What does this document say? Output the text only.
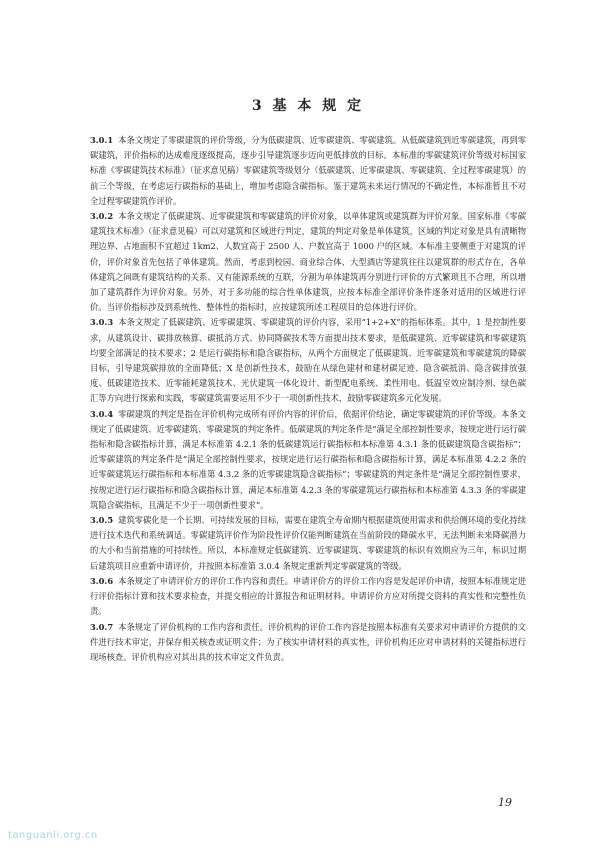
3 基 本 规 定

3.0.1 本条文规定了零碳建筑的评价等级，分为低碳建筑、近零碳建筑、零碳建筑。从低碳建筑到近零碳建筑，再到零碳建筑，评价指标的达成难度逐级提高，逐步引导建筑逐步迈向更低排放的目标。本标准的零碳建筑评价等级对标国家标准《零碳建筑技术标准》（征求意见稿）零碳建筑等级划分（低碳建筑、近零碳建筑、零碳建筑、全过程零碳建筑）的前三个等级，在考虑运行碳指标的基础上，增加考虑隐含碳指标。鉴于建筑未来运行情况的不确定性，本标准暂且不对全过程零碳建筑作评价。

3.0.2 本条文规定了低碳建筑、近零碳建筑和零碳建筑的评价对象，以单体建筑或建筑群为评价对象。国家标准《零碳建筑技术标准》（征求意见稿）可以对建筑和区域进行判定，建筑的判定对象是单体建筑，区域的判定对象是具有清晰物理边界、占地面积不宜超过 1km2、人数宜高于 2500 人、户数宜高于 1000 户的区域。本标准主要侧重于对建筑的评价，评价对象首先包括了单体建筑。然而，考虑到校园、商业综合体、大型酒店等建筑往往以建筑群的形式存在，各单体建筑之间既有建筑结构的关系、又有能源系统的互联，分割为单体建筑再分别进行评价的方式繁琐且不合理，所以增加了建筑群作为评价对象。另外，对于多功能的综合性单体建筑，应按本标准全部评价条件逐条对适用的区域进行评价。当评价指标涉及到系统性、整体性的指标时，应按建筑所述工程项目的总体进行评价。

3.0.3 本条文规定了低碳建筑、近零碳建筑、零碳建筑的评价内容，采用“1+2+X”的指标体系。其中，1 是控制性要求，从建筑设计、碳排放核算、碳抵消方式、协同降碳技术等方面提出技术要求，是低碳建筑、近零碳建筑和零碳建筑均要全部满足的技术要求；2 是运行碳指标和隐含碳指标，从两个方面规定了低碳建筑、近零碳建筑和零碳建筑的降碳目标，引导建筑碳排放的全面降低；X 是创新性技术，鼓励在从绿色建材和建材碳足迹、隐含碳抵消、隐含碳排放强度、低碳建造技术、近零能耗建筑技术、光伏建筑一体化设计、新型配电系统、柔性用电、低温室效应制冷剂、绿色碳汇等方向进行探索和实践，零碳建筑需要运用不少于一项创新性技术，鼓励零碳建筑多元化发展。

3.0.4 零碳建筑的判定是指在评价机构完成所有评价内容的评价后，依据评价结论，确定零碳建筑的评价等级。本条文规定了低碳建筑、近零碳建筑、零碳建筑的判定条件。低碳建筑的判定条件是“满足全部控制性要求，按规定进行运行碳指标和隐含碳指标计算，满足本标准第 4.2.1 条的低碳建筑运行碳指标和本标准第 4.3.1 条的低碳建筑隐含碳指标”；近零碳建筑的判定条件是“满足全部控制性要求，按规定进行运行碳指标和隐含碳指标计算，满足本标准第 4.2.2 条的近零碳建筑运行碳指标和本标准第 4.3.2 条的近零碳建筑隐含碳指标”；零碳建筑的判定条件是“满足全部控制性要求，按规定进行运行碳指标和隐含碳指标计算，满足本标准第 4.2.3 条的零碳建筑运行碳指标和本标准第 4.3.3 条的零碳建筑隐含碳指标，且满足不少于一项创新性要求”。

3.0.5 建筑零碳化是一个长期、可持续发展的目标，需要在建筑全寿命期内根据建筑使用需求和供给侧环境的变化持续进行技术迭代和系统调适。零碳建筑评价作为阶段性评价仅能判断建筑在当前阶段的降碳水平，无法判断未来降碳潜力的大小和当前措施的可持续性。所以，本标准规定低碳建筑、近零碳建筑、零碳建筑的标识有效期应为三年，标识过期后建筑项目应重新申请评价，并按照本标准第 3.0.4 条规定重新判定零碳建筑的等级。

3.0.6 本条规定了申请评价方的评价工作内容和责任。申请评价方的评价工作内容是发起评价申请，按照本标准规定进行评价指标计算和技术要求检查，并提交相应的计算报告和证明材料。申请评价方应对所提交资料的真实性和完整性负责。

3.0.7 本条规定了评价机构的工作内容和责任。评价机构的评价工作内容是按照本标准有关要求对申请评价方提供的文件进行技术审定，并保存相关核查或证明文件；为了核实申请材料的真实性，评价机构还应对申请材料的关键指标进行现场核查。评价机构应对其出具的技术审定文件负责。

19
tanguanli.org.cn
